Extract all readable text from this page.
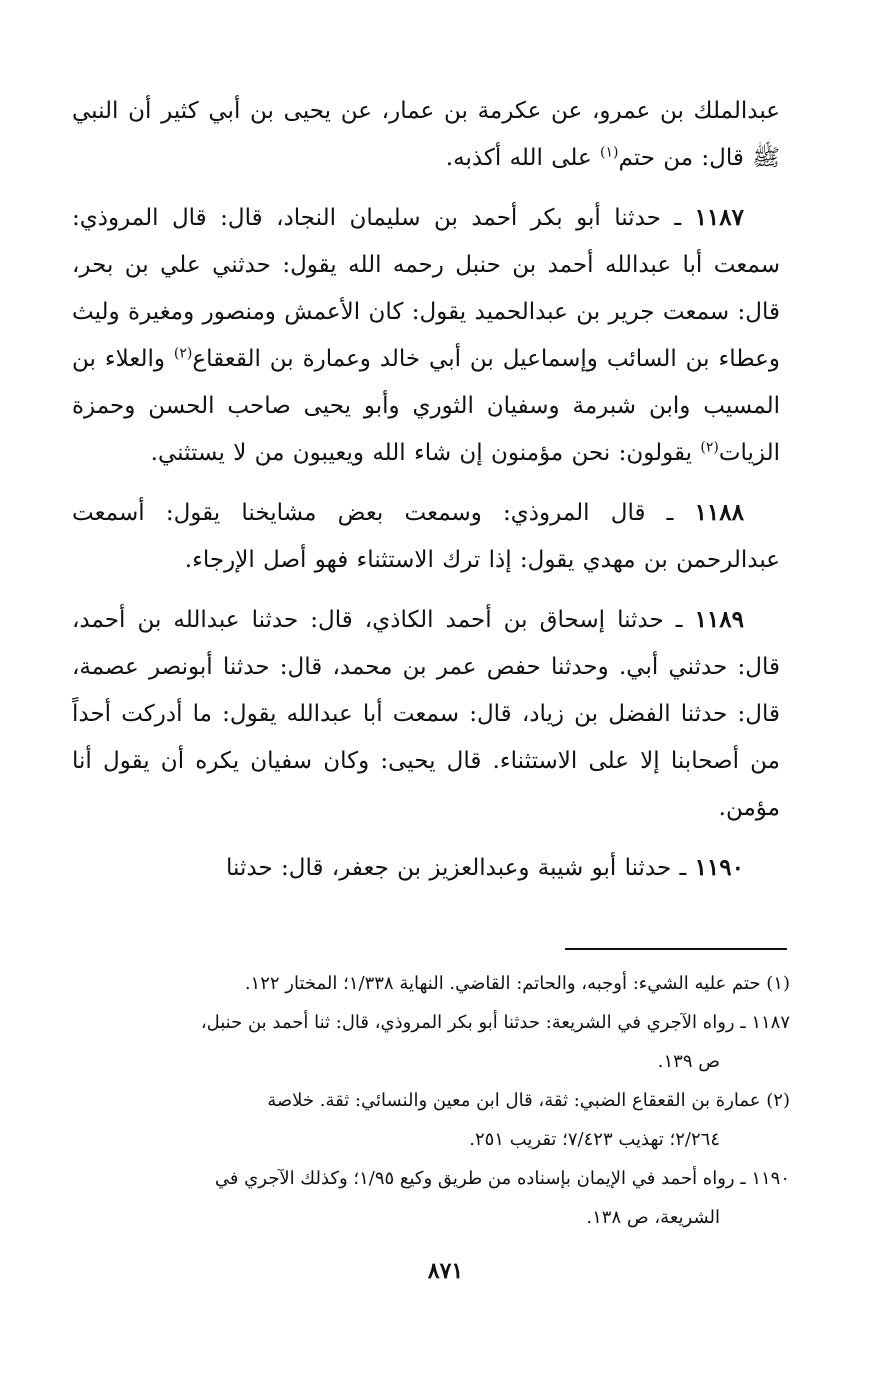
عبدالملك بن عمرو، عن عكرمة بن عمار، عن يحيى بن أبي كثير أن النبي ﷺ قال: من حتم$^{(١)}$ على الله أكذبه.

١١٨٧ ـ حدثنا أبو بكر أحمد بن سليمان النجاد، قال: قال المروذي: سمعت أبا عبدالله أحمد بن حنبل رحمه الله يقول: حدثني علي بن بحر، قال: سمعت جرير بن عبدالحميد يقول: كان الأعمش ومنصور ومغيرة وليث وعطاء بن السائب وإسماعيل بن أبي خالد وعمارة بن القعقاع$^{(٢)}$ والعلاء بن المسيب وابن شبرمة وسفيان الثوري وأبو يحيى صاحب الحسن وحمزة الزيات$^{(٢)}$ يقولون: نحن مؤمنون إن شاء الله ويعيبون من لا يستثني.

١١٨٨ ـ قال المروذي: وسمعت بعض مشايخنا يقول: أسمعت عبدالرحمن بن مهدي يقول: إذا ترك الاستثناء فهو أصل الإرجاء.

١١٨٩ ـ حدثنا إسحاق بن أحمد الكاذي، قال: حدثنا عبدالله بن أحمد، قال: حدثني أبي. وحدثنا حفص عمر بن محمد، قال: حدثنا أبونصر عصمة، قال: حدثنا الفضل بن زياد، قال: سمعت أبا عبدالله يقول: ما أدركت أحداً من أصحابنا إلا على الاستثناء. قال يحيى: وكان سفيان يكره أن يقول أنا مؤمن.

١١٩٠ ـ حدثنا أبو شيبة وعبدالعزيز بن جعفر، قال: حدثنا

(١) حتم عليه الشيء: أوجبه، والحاتم: القاضي. النهاية ١/٣٣٨؛ المختار ١٢٢.

١١٨٧ ـ رواه الآجري في الشريعة: حدثنا أبو بكر المروذي، قال: ثنا أحمد بن حنبل،
ص ١٣٩.

(٢) عمارة بن القعقاع الضبي: ثقة، قال ابن معين والنسائي: ثقة. خلاصة
٢/٢٦٤؛ تهذيب ٧/٤٢٣؛ تقريب ٢٥١.

١١٩٠ ـ رواه أحمد في الإيمان بإسناده من طريق وكيع ١/٩٥؛ وكذلك الآجري في
الشريعة، ص ١٣٨.

٨٧١
